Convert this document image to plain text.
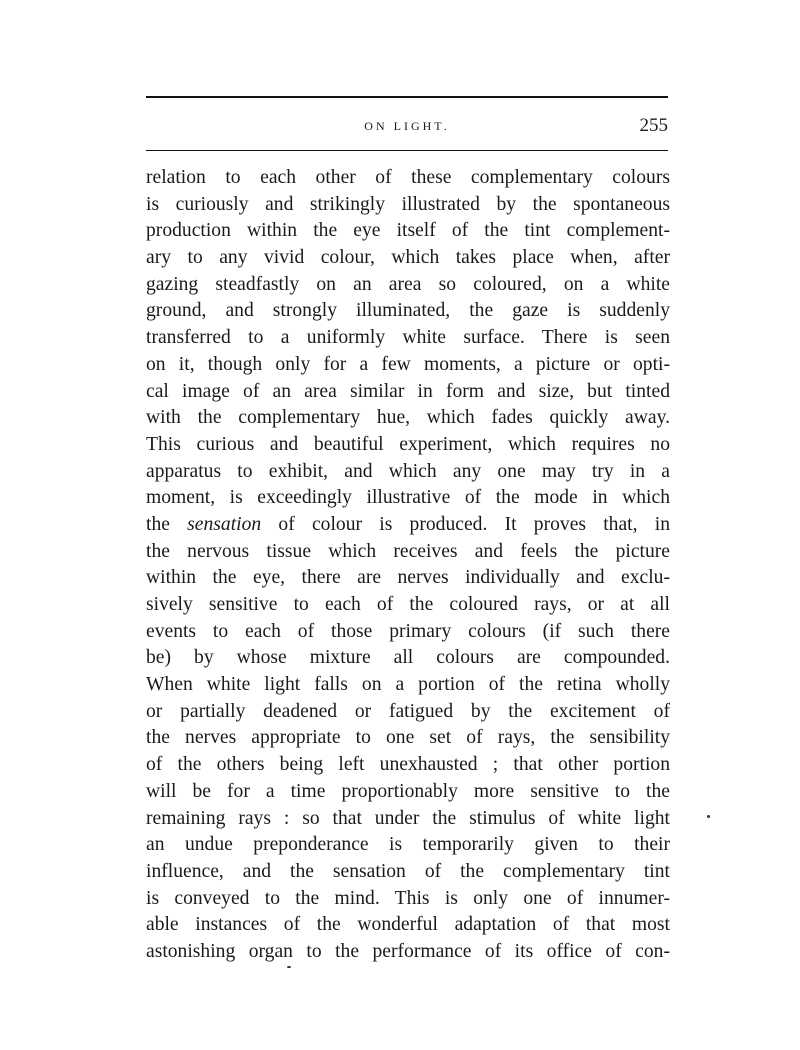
ON LIGHT.	255
relation to each other of these complementary colours
is curiously and strikingly illustrated by the spontaneous
production within the eye itself of the tint complement-
ary to any vivid colour, which takes place when, after
gazing steadfastly on an area so coloured, on a white
ground, and strongly illuminated, the gaze is suddenly
transferred to a uniformly white surface. There is seen
on it, though only for a few moments, a picture or opti-
cal image of an area similar in form and size, but tinted
with the complementary hue, which fades quickly away.
This curious and beautiful experiment, which requires no
apparatus to exhibit, and which any one may try in a
moment, is exceedingly illustrative of the mode in which
the sensation of colour is produced. It proves that, in
the nervous tissue which receives and feels the picture
within the eye, there are nerves individually and exclu-
sively sensitive to each of the coloured rays, or at all
events to each of those primary colours (if such there
be) by whose mixture all colours are compounded.
When white light falls on a portion of the retina wholly
or partially deadened or fatigued by the excitement of
the nerves appropriate to one set of rays, the sensibility
of the others being left unexhausted ; that other portion
will be for a time proportionably more sensitive to the
remaining rays : so that under the stimulus of white light
an undue preponderance is temporarily given to their
influence, and the sensation of the complementary tint
is conveyed to the mind. This is only one of innumer-
able instances of the wonderful adaptation of that most
astonishing organ to the performance of its office of con-
